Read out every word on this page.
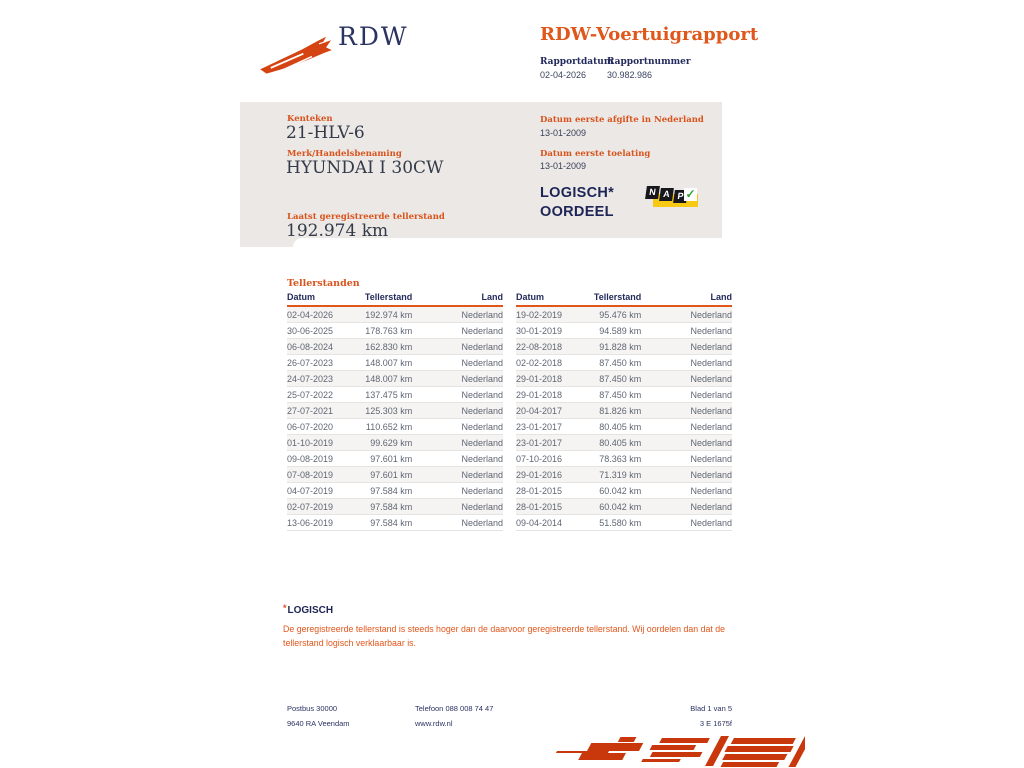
RDW	RDW-Voertuigrapport
Rapportdatum
02-04-2026
Rapportnummer
30.982.986
Kenteken
21-HLV-6
Merk/Handelsbenaming
HYUNDAI I 30CW
Laatst geregistreerde tellerstand
192.974 km
Datum eerste afgifte in Nederland
13-01-2009
Datum eerste toelating
13-01-2009
LOGISCH*
OORDEEL
N A P ✓
Tellerstanden
Datum	Tellerstand	Land
02-04-2026	192.974 km	Nederland
30-06-2025	178.763 km	Nederland
06-08-2024	162.830 km	Nederland
26-07-2023	148.007 km	Nederland
24-07-2023	148.007 km	Nederland
25-07-2022	137.475 km	Nederland
27-07-2021	125.303 km	Nederland
06-07-2020	110.652 km	Nederland
01-10-2019	99.629 km	Nederland
09-08-2019	97.601 km	Nederland
07-08-2019	97.601 km	Nederland
04-07-2019	97.584 km	Nederland
02-07-2019	97.584 km	Nederland
13-06-2019	97.584 km	Nederland
Datum	Tellerstand	Land
19-02-2019	95.476 km	Nederland
30-01-2019	94.589 km	Nederland
22-08-2018	91.828 km	Nederland
02-02-2018	87.450 km	Nederland
29-01-2018	87.450 km	Nederland
29-01-2018	87.450 km	Nederland
20-04-2017	81.826 km	Nederland
23-01-2017	80.405 km	Nederland
23-01-2017	80.405 km	Nederland
07-10-2016	78.363 km	Nederland
29-01-2016	71.319 km	Nederland
28-01-2015	60.042 km	Nederland
28-01-2015	60.042 km	Nederland
09-04-2014	51.580 km	Nederland
*LOGISCH
De geregistreerde tellerstand is steeds hoger dan de daarvoor geregistreerde tellerstand. Wij oordelen dan dat de tellerstand logisch verklaarbaar is.
Postbus 30000
9640 RA Veendam
Telefoon 088 008 74 47
www.rdw.nl
Blad 1 van 5
3 E 1675f
